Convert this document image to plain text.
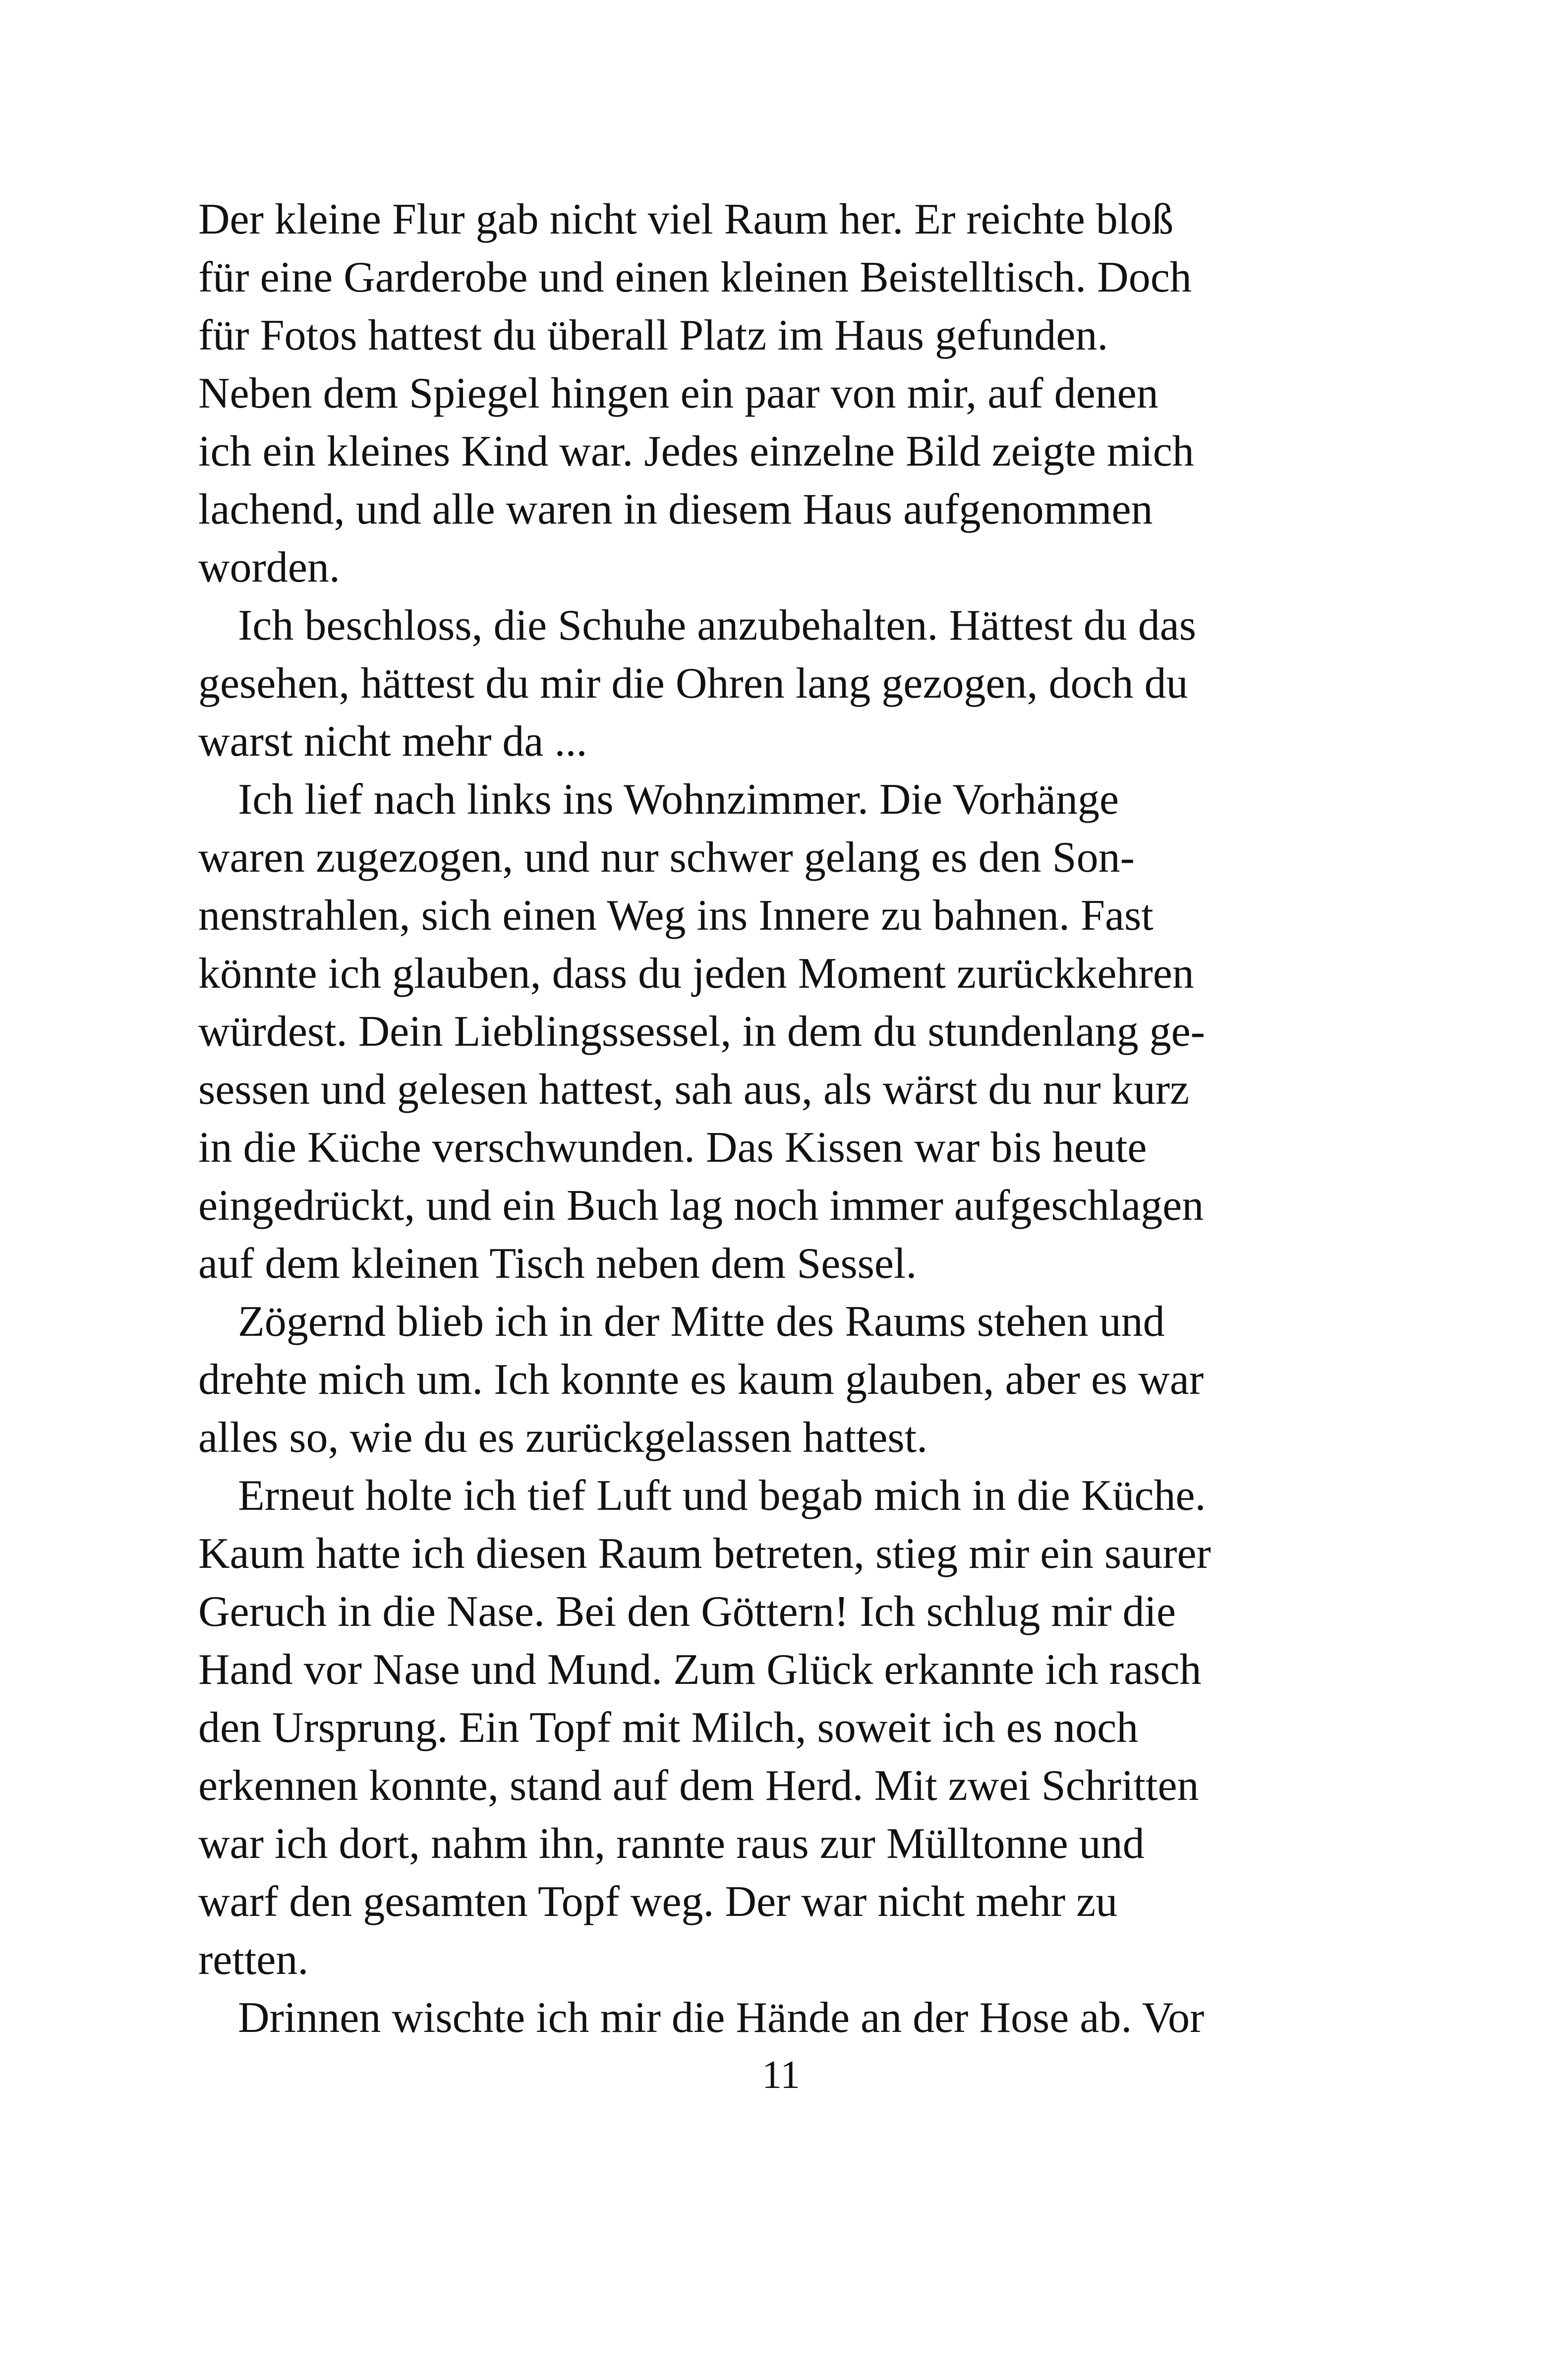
Der kleine Flur gab nicht viel Raum her. Er reichte bloß
für eine Garderobe und einen kleinen Beistelltisch. Doch
für Fotos hattest du überall Platz im Haus gefunden.
Neben dem Spiegel hingen ein paar von mir, auf denen
ich ein kleines Kind war. Jedes einzelne Bild zeigte mich
lachend, und alle waren in diesem Haus aufgenommen
worden.
Ich beschloss, die Schuhe anzubehalten. Hättest du das
gesehen, hättest du mir die Ohren lang gezogen, doch du
warst nicht mehr da ...
Ich lief nach links ins Wohnzimmer. Die Vorhänge
waren zugezogen, und nur schwer gelang es den Son-
nenstrahlen, sich einen Weg ins Innere zu bahnen. Fast
könnte ich glauben, dass du jeden Moment zurückkehren
würdest. Dein Lieblingssessel, in dem du stundenlang ge-
sessen und gelesen hattest, sah aus, als wärst du nur kurz
in die Küche verschwunden. Das Kissen war bis heute
eingedrückt, und ein Buch lag noch immer aufgeschlagen
auf dem kleinen Tisch neben dem Sessel.
Zögernd blieb ich in der Mitte des Raums stehen und
drehte mich um. Ich konnte es kaum glauben, aber es war
alles so, wie du es zurückgelassen hattest.
Erneut holte ich tief Luft und begab mich in die Küche.
Kaum hatte ich diesen Raum betreten, stieg mir ein saurer
Geruch in die Nase. Bei den Göttern! Ich schlug mir die
Hand vor Nase und Mund. Zum Glück erkannte ich rasch
den Ursprung. Ein Topf mit Milch, soweit ich es noch
erkennen konnte, stand auf dem Herd. Mit zwei Schritten
war ich dort, nahm ihn, rannte raus zur Mülltonne und
warf den gesamten Topf weg. Der war nicht mehr zu
retten.
Drinnen wischte ich mir die Hände an der Hose ab. Vor
11
